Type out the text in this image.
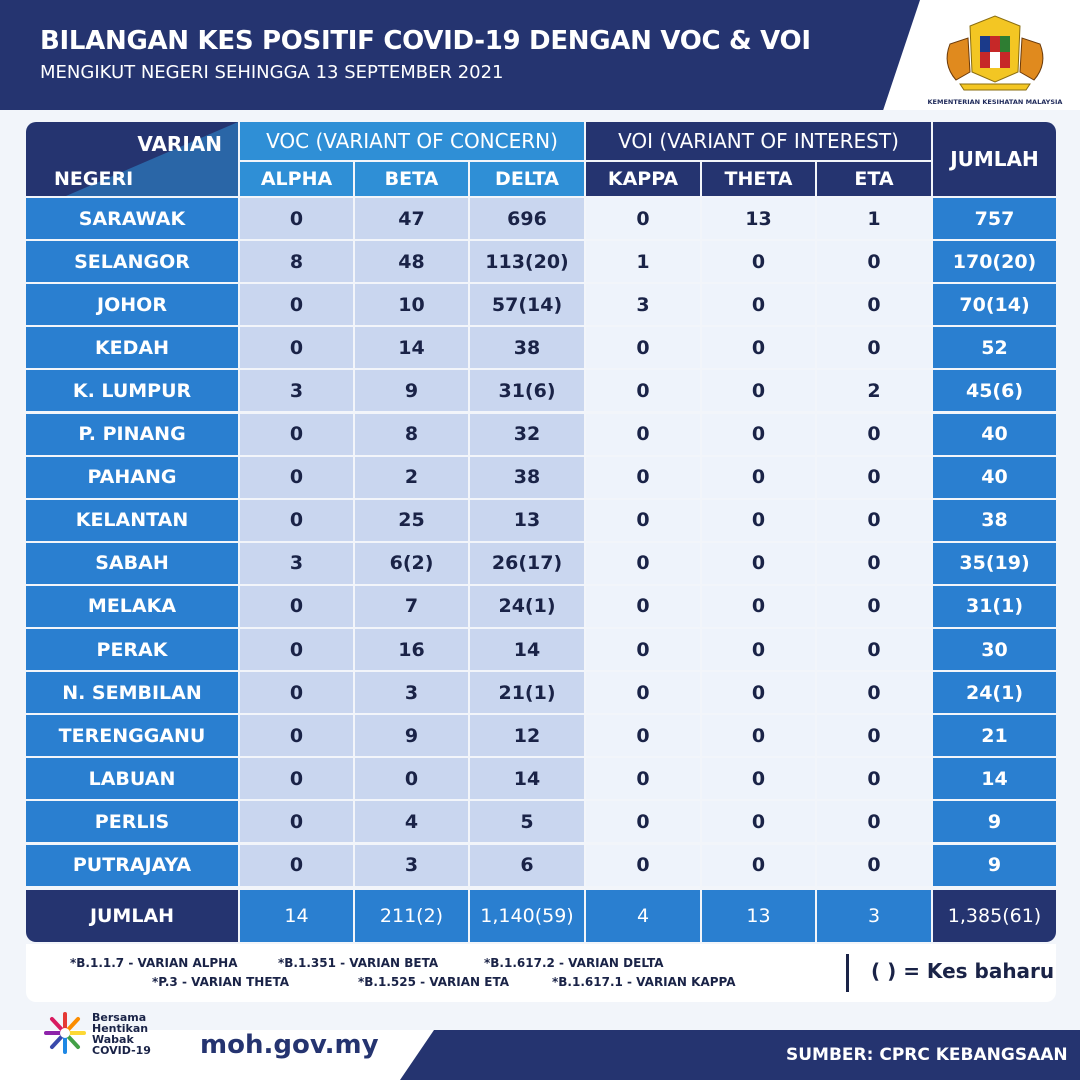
BILANGAN KES POSITIF COVID-19 DENGAN VOC & VOI
MENGIKUT NEGERI SEHINGGA 13 SEPTEMBER 2021
KEMENTERIAN KESIHATAN MALAYSIA
VARIAN
NEGERI
VOC (VARIANT OF CONCERN)	VOI (VARIANT OF INTEREST)
JUMLAH
ALPHA	BETA	DELTA	KAPPA	THETA	ETA
SARAWAK	0	47	696	0	13	1	757
SELANGOR	8	48	113(20)	1	0	0	170(20)
JOHOR	0	10	57(14)	3	0	0	70(14)
KEDAH	0	14	38	0	0	0	52
K. LUMPUR	3	9	31(6)	0	0	2	45(6)
P. PINANG	0	8	32	0	0	0	40
PAHANG	0	2	38	0	0	0	40
KELANTAN	0	25	13	0	0	0	38
SABAH	3	6(2)	26(17)	0	0	0	35(19)
MELAKA	0	7	24(1)	0	0	0	31(1)
PERAK	0	16	14	0	0	0	30
N. SEMBILAN	0	3	21(1)	0	0	0	24(1)
TERENGGANU	0	9	12	0	0	0	21
LABUAN	0	0	14	0	0	0	14
PERLIS	0	4	5	0	0	0	9
PUTRAJAYA	0	3	6	0	0	0	9
JUMLAH	14	211(2)	1,140(59)	4	13	3	1,385(61)
*B.1.1.7 - VARIAN ALPHA	*B.1.351 - VARIAN BETA	*B.1.617.2 - VARIAN DELTA
*P.3 - VARIAN THETA	*B.1.525 - VARIAN ETA	*B.1.617.1 - VARIAN KAPPA	( ) = Kes baharu
Bersama
Hentikan
Wabak
COVID-19 moh.gov.my	SUMBER: CPRC KEBANGSAAN
